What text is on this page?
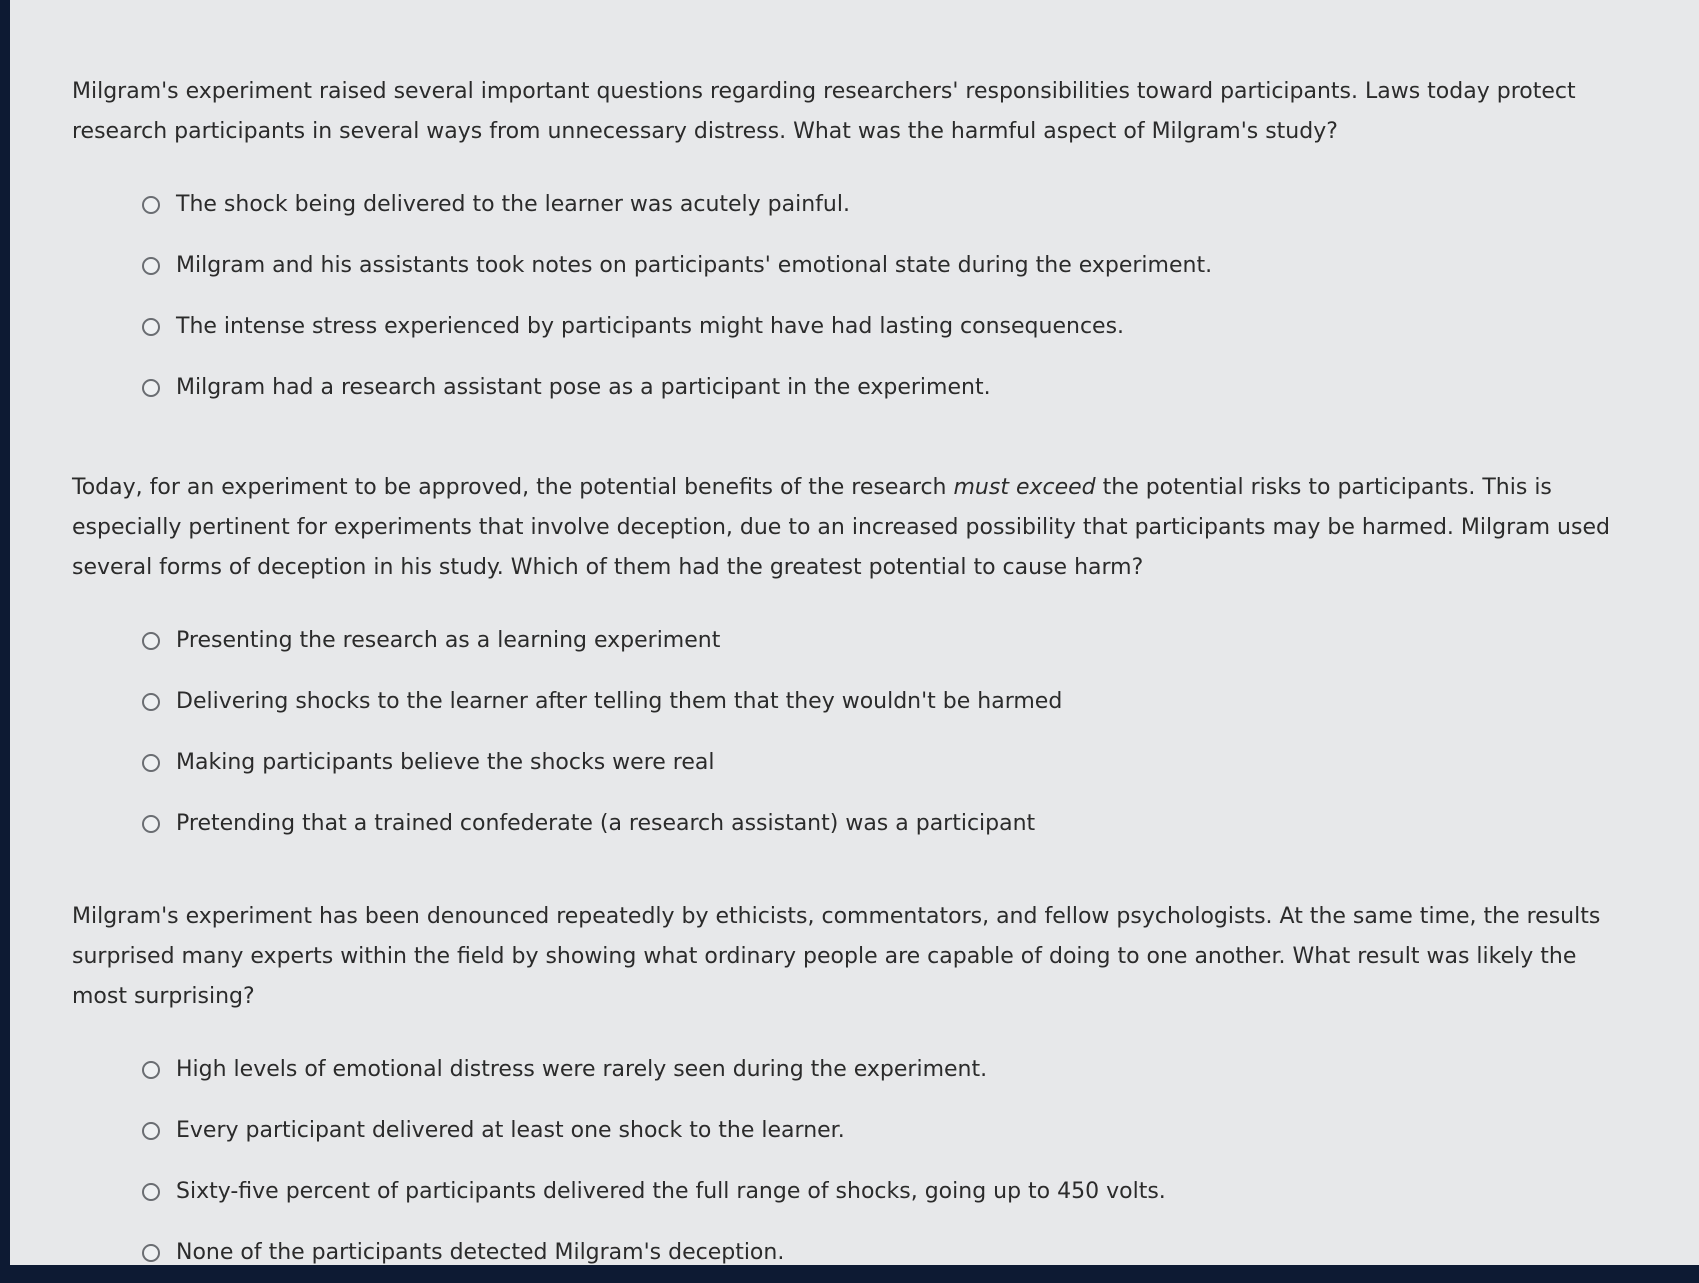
Milgram's experiment raised several important questions regarding researchers' responsibilities toward participants. Laws today protect research participants in several ways from unnecessary distress. What was the harmful aspect of Milgram's study?

The shock being delivered to the learner was acutely painful.
Milgram and his assistants took notes on participants' emotional state during the experiment.
The intense stress experienced by participants might have had lasting consequences.
Milgram had a research assistant pose as a participant in the experiment.

Today, for an experiment to be approved, the potential benefits of the research must exceed the potential risks to participants. This is especially pertinent for experiments that involve deception, due to an increased possibility that participants may be harmed. Milgram used several forms of deception in his study. Which of them had the greatest potential to cause harm?

Presenting the research as a learning experiment
Delivering shocks to the learner after telling them that they wouldn't be harmed
Making participants believe the shocks were real
Pretending that a trained confederate (a research assistant) was a participant

Milgram's experiment has been denounced repeatedly by ethicists, commentators, and fellow psychologists. At the same time, the results surprised many experts within the field by showing what ordinary people are capable of doing to one another. What result was likely the most surprising?

High levels of emotional distress were rarely seen during the experiment.
Every participant delivered at least one shock to the learner.
Sixty-five percent of participants delivered the full range of shocks, going up to 450 volts.
None of the participants detected Milgram's deception.
